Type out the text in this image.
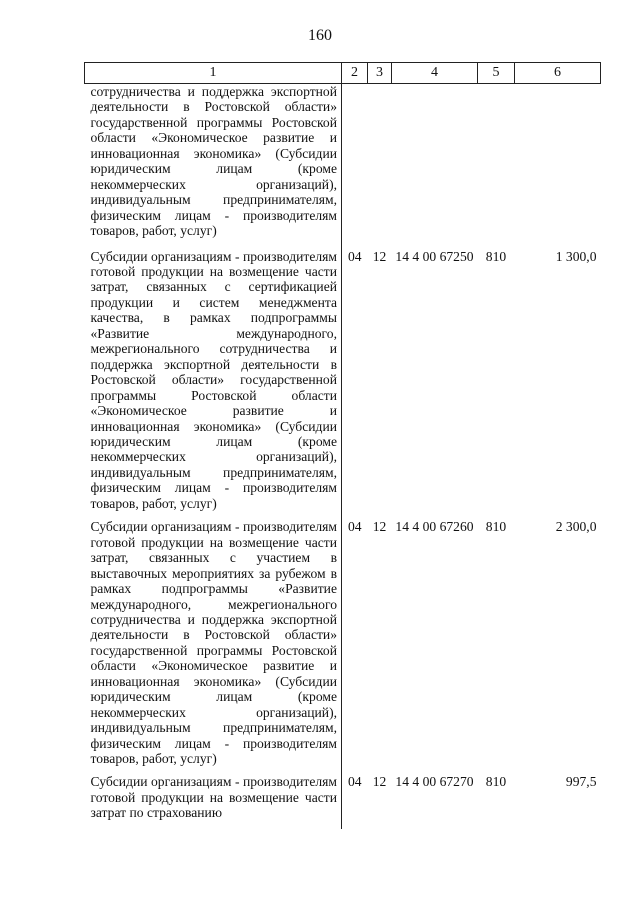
160
1	2	3	4	5	6
сотрудничества и поддержка экспортной деятельности в Ростовской области» государственной программы Ростовской области «Экономическое развитие и инновационная экономика» (Субсидии юридическим лицам (кроме некоммерческих организаций), индивидуальным предпринимателям, физическим лицам - производителям товаров, работ, услуг)					
Субсидии организациям - производителям готовой продукции на возмещение части затрат, связанных с сертификацией продукции и систем менеджмента качества, в рамках подпрограммы «Развитие международного, межрегионального сотрудничества и поддержка экспортной деятельности в Ростовской области» государственной программы Ростовской области «Экономическое развитие и инновационная экономика» (Субсидии юридическим лицам (кроме некоммерческих организаций), индивидуальным предпринимателям, физическим лицам - производителям товаров, работ, услуг)	04	12	14 4 00 67250	810	1 300,0
Субсидии организациям - производителям готовой продукции на возмещение части затрат, связанных с участием в выставочных мероприятиях за рубежом в рамках подпрограммы «Развитие международного, межрегионального сотрудничества и поддержка экспортной деятельности в Ростовской области» государственной программы Ростовской области «Экономическое развитие и инновационная экономика» (Субсидии юридическим лицам (кроме некоммерческих организаций), индивидуальным предпринимателям, физическим лицам - производителям товаров, работ, услуг)	04	12	14 4 00 67260	810	2 300,0
Субсидии организациям - производителям готовой продукции на возмещение части затрат по страхованию	04	12	14 4 00 67270	810	997,5
